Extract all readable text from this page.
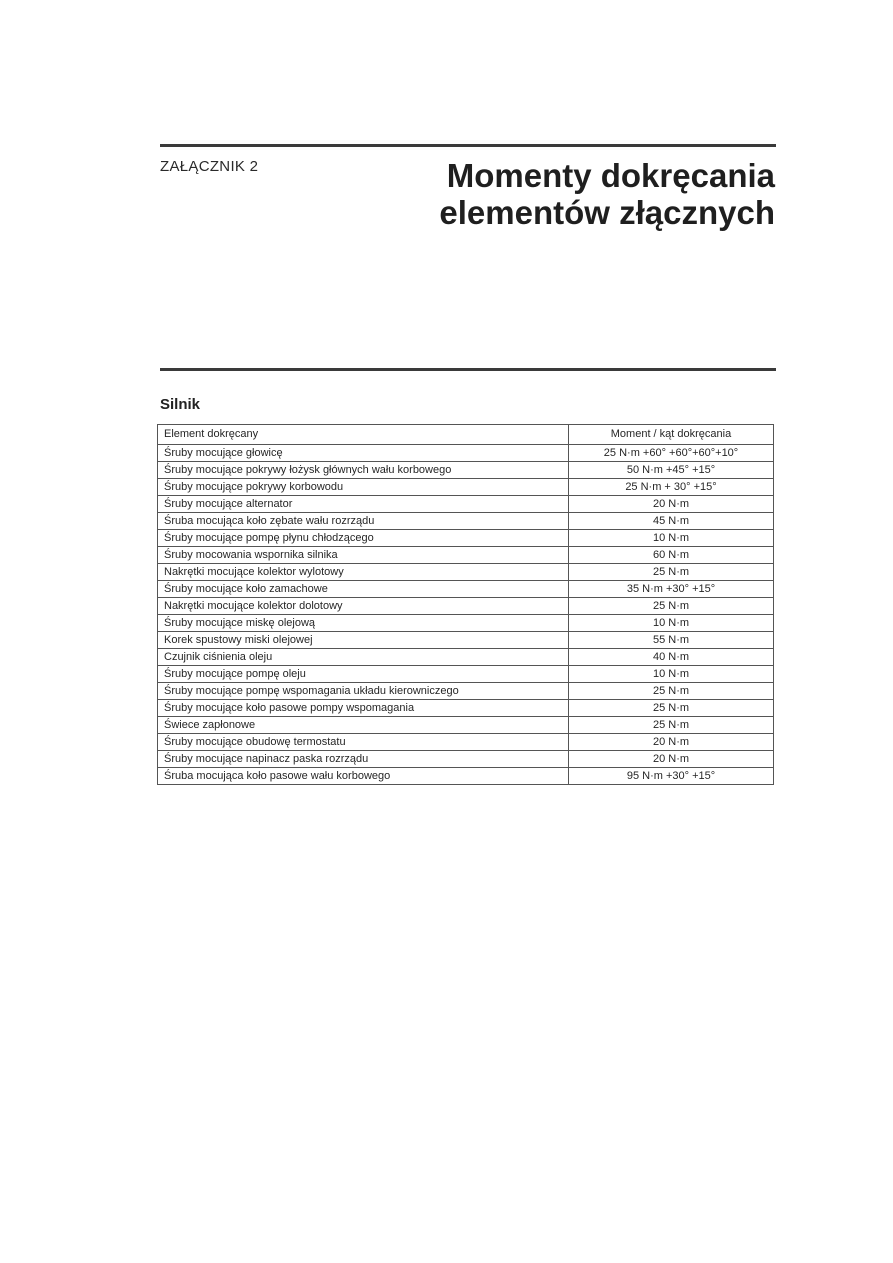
ZAŁĄCZNIK 2	Momenty dokręcania
elementów złącznych
Silnik
Element dokręcany	Moment / kąt dokręcania
Śruby mocujące głowicę	25 N·m +60° +60°+60°+10°
Śruby mocujące pokrywy łożysk głównych wału korbowego	50 N·m +45° +15°
Śruby mocujące pokrywy korbowodu	25 N·m + 30° +15°
Śruby mocujące alternator	20 N·m
Śruba mocująca koło zębate wału rozrządu	45 N·m
Śruby mocujące pompę płynu chłodzącego	10 N·m
Śruby mocowania wspornika silnika	60 N·m
Nakrętki mocujące kolektor wylotowy	25 N·m
Śruby mocujące koło zamachowe	35 N·m +30° +15°
Nakrętki mocujące kolektor dolotowy	25 N·m
Śruby mocujące miskę olejową	10 N·m
Korek spustowy miski olejowej	55 N·m
Czujnik ciśnienia oleju	40 N·m
Śruby mocujące pompę oleju	10 N·m
Śruby mocujące pompę wspomagania układu kierowniczego	25 N·m
Śruby mocujące koło pasowe pompy wspomagania	25 N·m
Świece zapłonowe	25 N·m
Śruby mocujące obudowę termostatu	20 N·m
Śruby mocujące napinacz paska rozrządu	20 N·m
Śruba mocująca koło pasowe wału korbowego	95 N·m +30° +15°
